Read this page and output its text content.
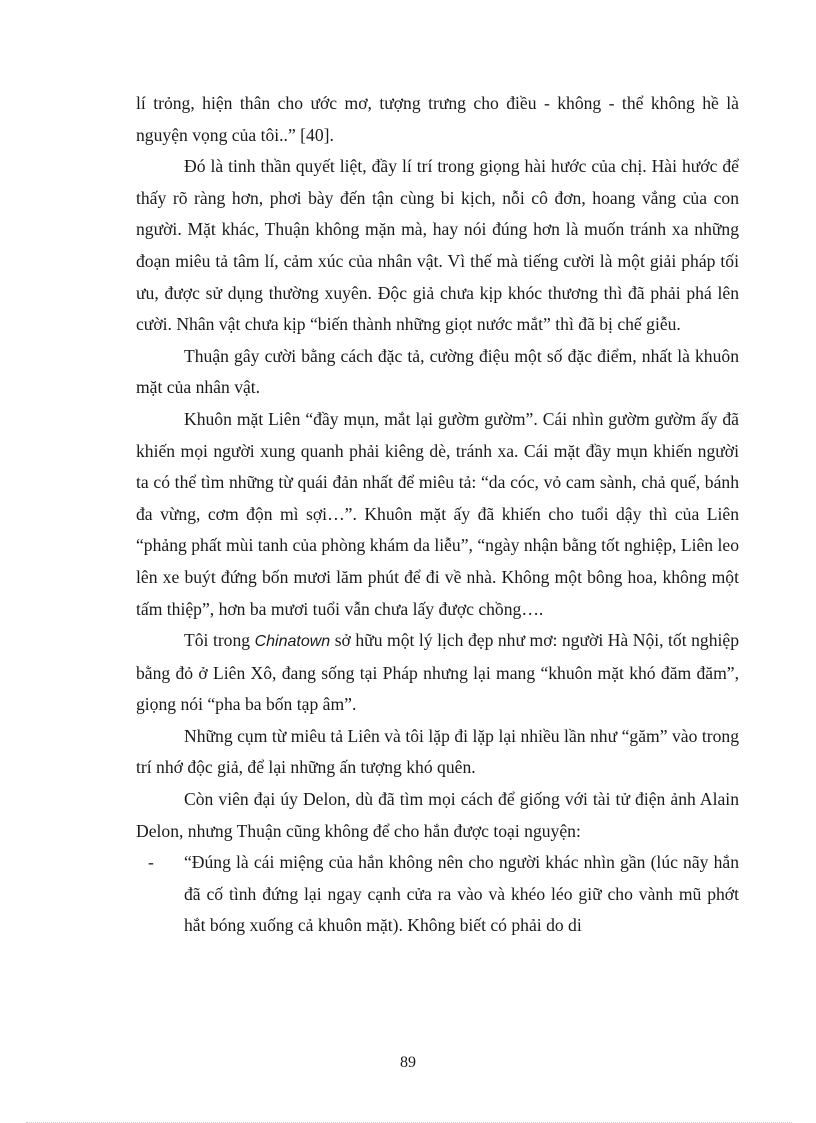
lí trỏng, hiện thân cho ước mơ, tượng trưng cho điều - không - thể không hề là nguyện vọng của tôi..” [40].

Đó là tinh thần quyết liệt, đầy lí trí trong giọng hài hước của chị. Hài hước để thấy rõ ràng hơn, phơi bày đến tận cùng bi kịch, nỗi cô đơn, hoang vắng của con người. Mặt khác, Thuận không mặn mà, hay nói đúng hơn là muốn tránh xa những đoạn miêu tả tâm lí, cảm xúc của nhân vật. Vì thế mà tiếng cười là một giải pháp tối ưu, được sử dụng thường xuyên. Độc giả chưa kịp khóc thương thì đã phải phá lên cười. Nhân vật chưa kịp “biến thành những giọt nước mắt” thì đã bị chế giễu.

Thuận gây cười bằng cách đặc tả, cường điệu một số đặc điểm, nhất là khuôn mặt của nhân vật.

Khuôn mặt Liên “đầy mụn, mắt lại gườm gườm”. Cái nhìn gườm gườm ấy đã khiến mọi người xung quanh phải kiêng dè, tránh xa. Cái mặt đầy mụn khiến người ta có thể tìm những từ quái đản nhất để miêu tả: “da cóc, vỏ cam sành, chả quế, bánh đa vừng, cơm độn mì sợi…”. Khuôn mặt ấy đã khiến cho tuổi dậy thì của Liên “phảng phất mùi tanh của phòng khám da liễu”, “ngày nhận bằng tốt nghiệp, Liên leo lên xe buýt đứng bốn mươi lăm phút để đi về nhà. Không một bông hoa, không một tấm thiệp”, hơn ba mươi tuổi vẫn chưa lấy được chồng….

Tôi trong Chinatown sở hữu một lý lịch đẹp như mơ: người Hà Nội, tốt nghiệp bằng đỏ ở Liên Xô, đang sống tại Pháp nhưng lại mang “khuôn mặt khó đăm đăm”, giọng nói “pha ba bốn tạp âm”.

Những cụm từ miêu tả Liên và tôi lặp đi lặp lại nhiều lần như “găm” vào trong trí nhớ độc giả, để lại những ấn tượng khó quên.

Còn viên đại úy Delon, dù đã tìm mọi cách để giống với tài tử điện ảnh Alain Delon, nhưng Thuận cũng không để cho hắn được toại nguyện:

- “Đúng là cái miệng của hắn không nên cho người khác nhìn gần (lúc nãy hắn đã cố tình đứng lại ngay cạnh cửa ra vào và khéo léo giữ cho vành mũ phớt hắt bóng xuống cả khuôn mặt). Không biết có phải do di

89
